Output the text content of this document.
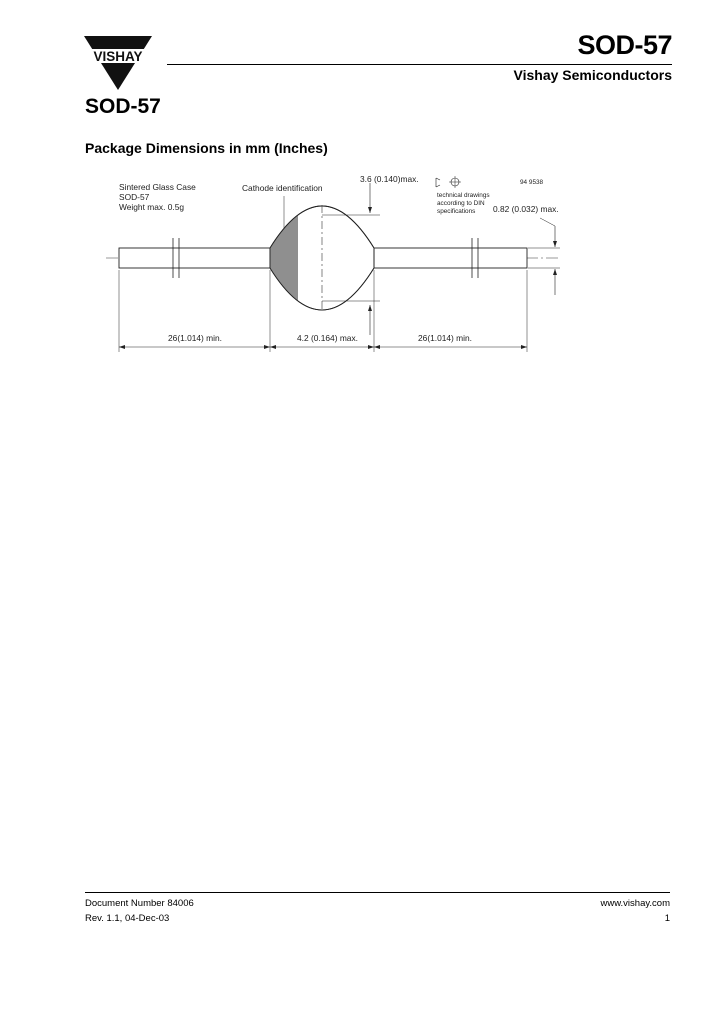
VISHAY	SOD-57
Vishay Semiconductors
SOD-57
Package Dimensions in mm (Inches)
Sintered Glass Case
SOD-57
Weight max. 0.5g
Cathode identification
3.6 (0.140)max.
technical drawings
according to DIN
specifications
94 9538
0.82 (0.032) max.
26(1.014) min.	4.2 (0.164) max.	26(1.014) min.
Document Number 84006
Rev. 1.1, 04-Dec-03
www.vishay.com
1
